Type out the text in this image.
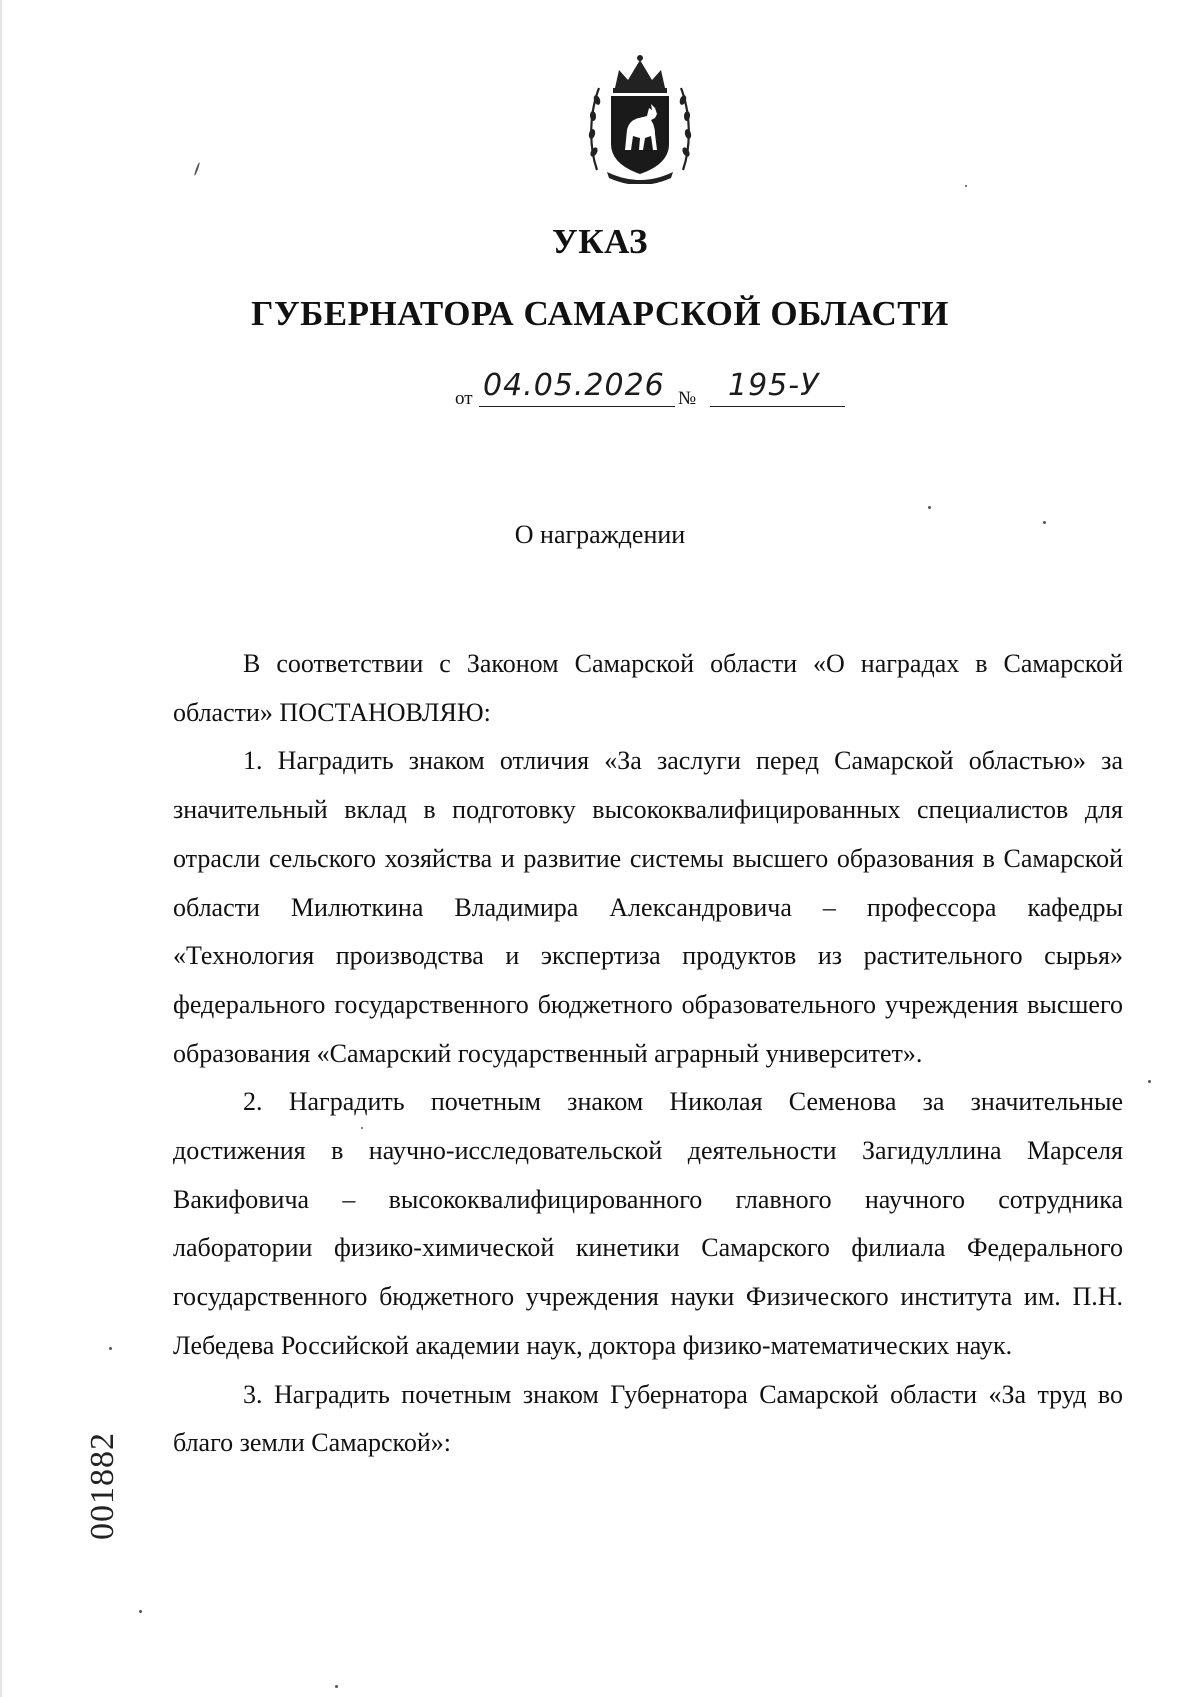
УКАЗ
ГУБЕРНАТОРА САМАРСКОЙ ОБЛАСТИ
от 04.05.2026 № 195-У
О награждении

В соответствии с Законом Самарской области «О наградах в Самарской области» ПОСТАНОВЛЯЮ:

1. Наградить знаком отличия «За заслуги перед Самарской областью» за значительный вклад в подготовку высококвалифицированных специалистов для отрасли сельского хозяйства и развитие системы высшего образования в Самарской области Милюткина Владимира Александровича – профессора кафедры «Технология производства и экспертиза продуктов из растительного сырья» федерального государственного бюджетного образовательного учреждения высшего образования «Самарский государственный аграрный университет».

2. Наградить почетным знаком Николая Семенова за значительные достижения в научно-исследовательской деятельности Загидуллина Марселя Вакифовича – высококвалифицированного главного научного сотрудника лаборатории физико-химической кинетики Самарского филиала Федерального государственного бюджетного учреждения науки Физического института им. П.Н. Лебедева Российской академии наук, доктора физико-математических наук.

3. Наградить почетным знаком Губернатора Самарской области «За труд во благо земли Самарской»:

001882
